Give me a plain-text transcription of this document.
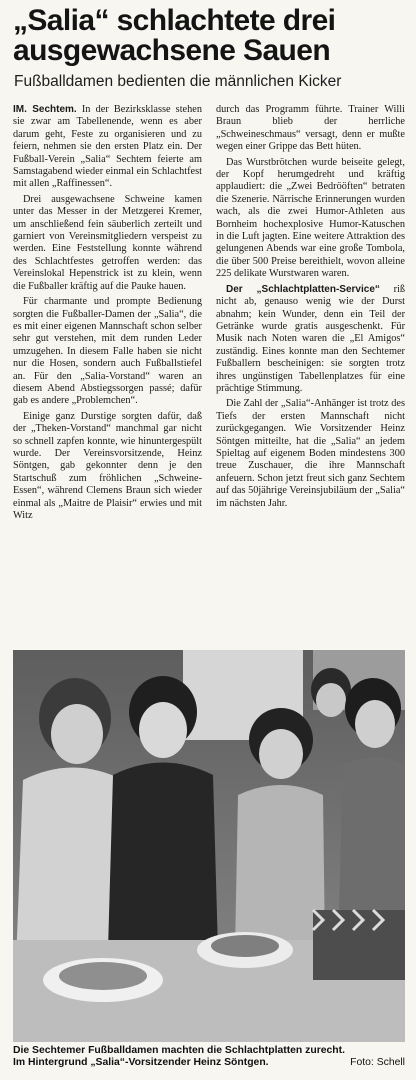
„Salia“ schlachtete drei
ausgewachsene Sauen
Fußballdamen bedienten die männlichen Kicker

IM. Sechtem. In der Bezirksklasse stehen sie zwar am Tabellenende, wenn es aber darum geht, Feste zu organisieren und zu feiern, nehmen sie den ersten Platz ein. Der Fußball-Verein „Salia“ Sechtem feierte am Samstagabend wieder einmal ein Schlachtfest mit allen „Raffinessen“.

Drei ausgewachsene Schweine kamen unter das Messer in der Metzgerei Kremer, um anschließend fein säuberlich zerteilt und garniert von Vereinsmitgliedern verspeist zu werden. Eine Feststellung konnte während des Schlachtfestes getroffen werden: das Vereinslokal Hepenstrick ist zu klein, wenn die Fußballer kräftig auf die Pauke hauen.

Für charmante und prompte Bedienung sorgten die Fußballer-Damen der „Salia“, die es mit einer eigenen Mannschaft schon selber sehr gut verstehen, mit dem runden Leder umzugehen. In diesem Falle haben sie nicht nur die Hosen, sondern auch Fußballstiefel an. Für den „Salia-Vorstand“ waren an diesem Abend Abstiegssorgen passé; dafür gab es andere „Problemchen“.

Einige ganz Durstige sorgten dafür, daß der „Theken-Vorstand“ manchmal gar nicht so schnell zapfen konnte, wie hinuntergespült wurde. Der Vereinsvorsitzende, Heinz Söntgen, gab gekonnter denn je den Startschuß zum fröhlichen „Schweine-Essen“, während Clemens Braun sich wieder einmal als „Maitre de Plaisir“ erwies und mit Witz

durch das Programm führte. Trainer Willi Braun blieb der herrliche „Schweineschmaus“ versagt, denn er mußte wegen einer Grippe das Bett hüten.

Das Wurstbrötchen wurde beiseite gelegt, der Kopf herumgedreht und kräftig applaudiert: die „Zwei Bedrööften“ betraten die Szenerie. Närrische Erinnerungen wurden wach, als die zwei Humor-Athleten aus Bornheim hochexplosive Humor-Katuschen in die Luft jagten. Eine weitere Attraktion des gelungenen Abends war eine große Tombola, die über 500 Preise bereithielt, wovon alleine 225 delikate Wurstwaren waren.

Der „Schlachtplatten-Service“ riß nicht ab, genauso wenig wie der Durst abnahm; kein Wunder, denn ein Teil der Getränke wurde gratis ausgeschenkt. Für Musik nach Noten waren die „El Amigos“ zuständig. Eines konnte man den Sechtemer Fußballern bescheinigen: sie sorgten trotz ihres ungünstigen Tabellenplatzes für eine prächtige Stimmung.

Die Zahl der „Salia“-Anhänger ist trotz des Tiefs der ersten Mannschaft nicht zurückgegangen. Wie Vorsitzender Heinz Söntgen mitteilte, hat die „Salia“ an jedem Spieltag auf eigenem Boden mindestens 300 treue Zuschauer, die ihre Mannschaft anfeuern. Schon jetzt freut sich ganz Sechtem auf das 50jährige Vereinsjubiläum der „Salia“ im nächsten Jahr.

Die Sechtemer Fußballdamen machten die Schlachtplatten zurecht.
Im Hintergrund „Salia“-Vorsitzender Heinz Söntgen.	Foto: Schell
